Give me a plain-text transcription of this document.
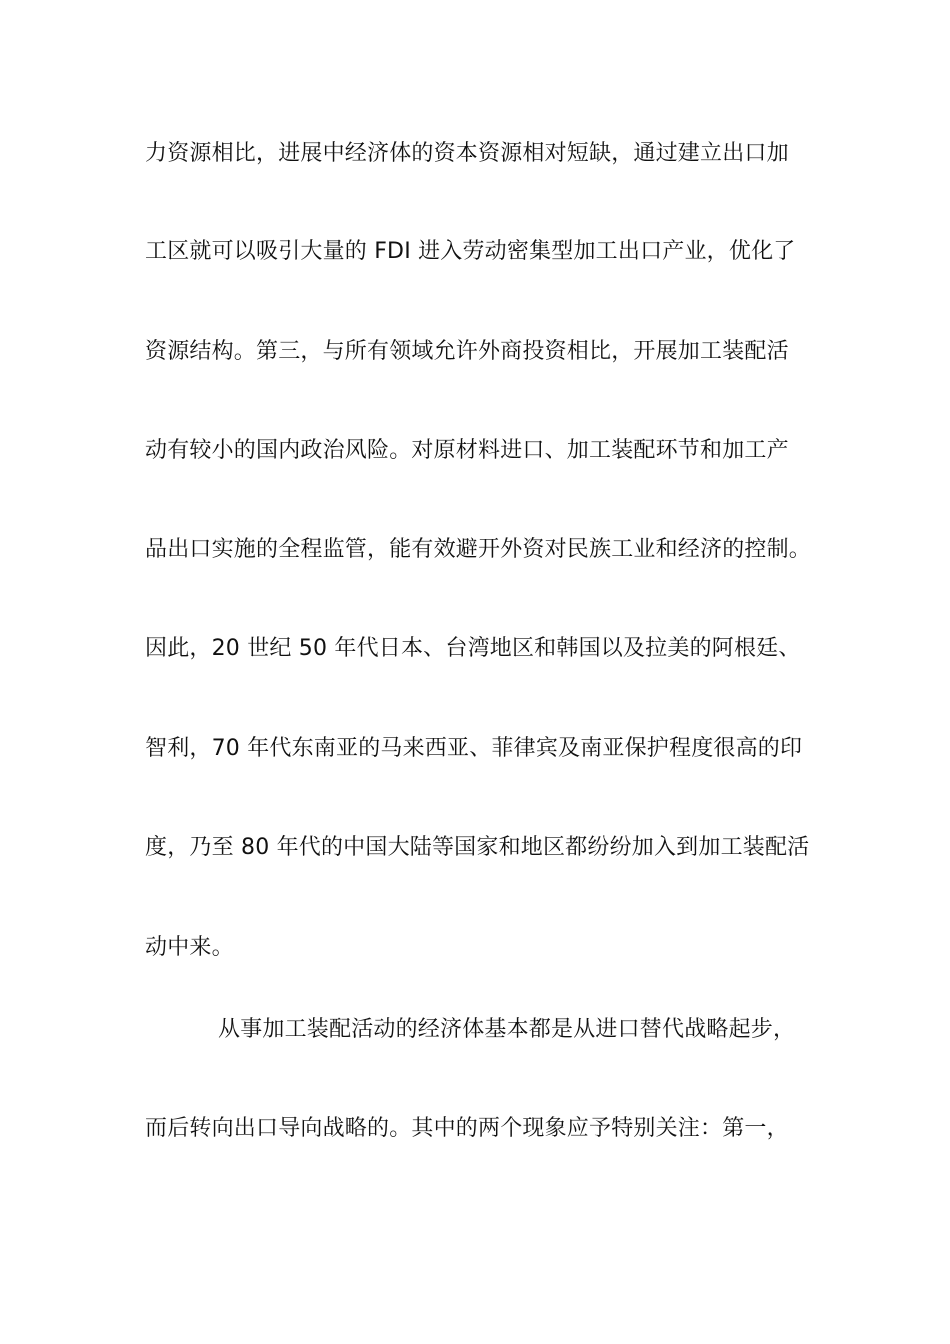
力资源相比，进展中经济体的资本资源相对短缺，通过建立出口加
工区就可以吸引大量的 FDI 进入劳动密集型加工出口产业，优化了
资源结构。第三，与所有领域允许外商投资相比，开展加工装配活
动有较小的国内政治风险。对原材料进口、加工装配环节和加工产
品出口实施的全程监管，能有效避开外资对民族工业和经济的控制。
因此，20 世纪 50 年代日本、台湾地区和韩国以及拉美的阿根廷、
智利，70 年代东南亚的马来西亚、菲律宾及南亚保护程度很高的印
度，乃至 80 年代的中国大陆等国家和地区都纷纷加入到加工装配活
动中来。
从事加工装配活动的经济体基本都是从进口替代战略起步，
而后转向出口导向战略的。其中的两个现象应予特别关注：第一，
